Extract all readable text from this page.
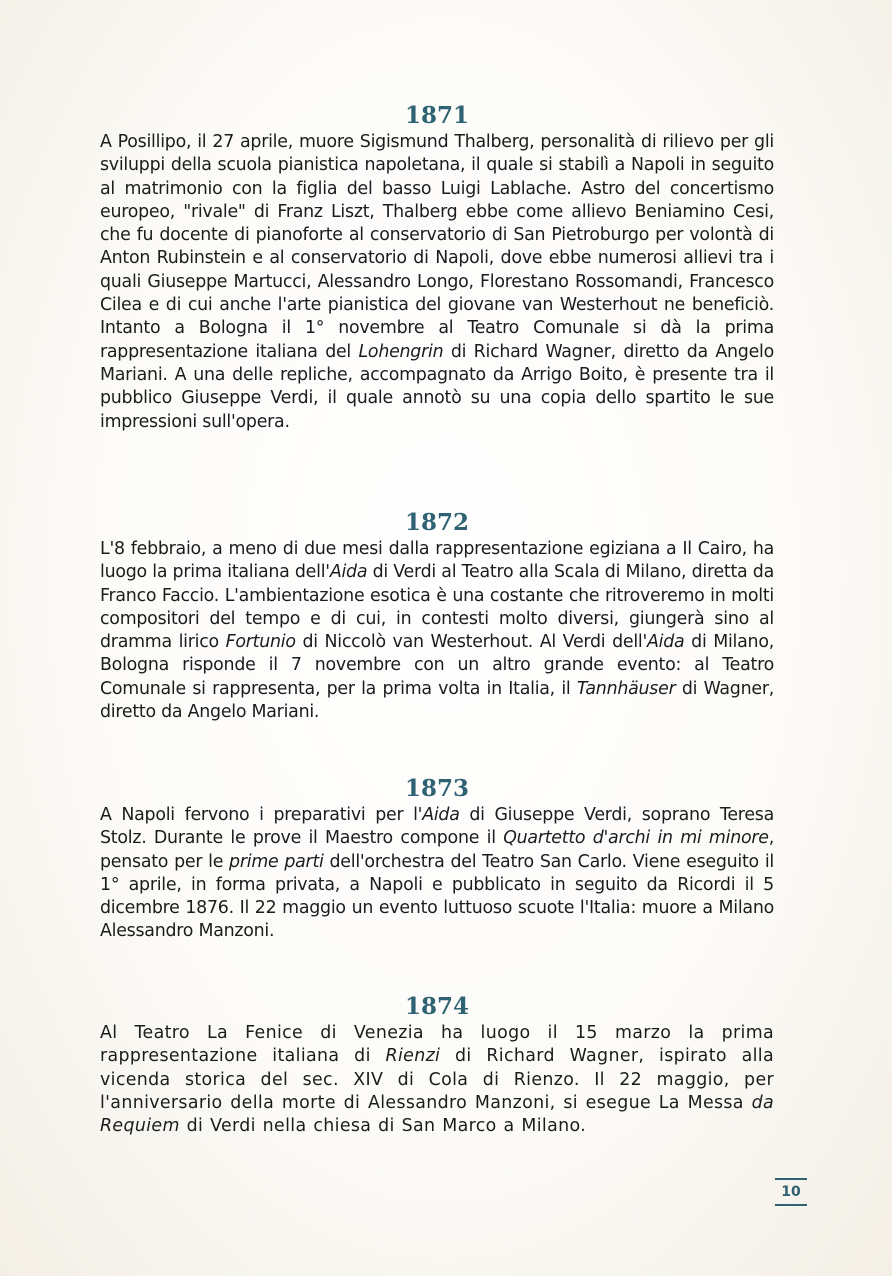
1871

A Posillipo, il 27 aprile, muore Sigismund Thalberg, personalità di rilievo per gli sviluppi della scuola pianistica napoletana, il quale si stabilì a Napoli in seguito al matrimonio con la figlia del basso Luigi Lablache. Astro del concertismo europeo, "rivale" di Franz Liszt, Thalberg ebbe come allievo Beniamino Cesi, che fu docente di pianoforte al conservatorio di San Pietroburgo per volontà di Anton Rubinstein e al conservatorio di Napoli, dove ebbe numerosi allievi tra i quali Giuseppe Martucci, Alessandro Longo, Florestano Rossomandi, Francesco Cilea e di cui anche l'arte pianistica del giovane van Westerhout ne beneficiò. Intanto a Bologna il 1° novembre al Teatro Comunale si dà la prima rappresentazione italiana del Lohengrin di Richard Wagner, diretto da Angelo Mariani. A una delle repliche, accompagnato da Arrigo Boito, è presente tra il pubblico Giuseppe Verdi, il quale annotò su una copia dello spartito le sue impressioni sull'opera.

1872

L'8 febbraio, a meno di due mesi dalla rappresentazione egiziana a Il Cairo, ha luogo la prima italiana dell'Aida di Verdi al Teatro alla Scala di Milano, diretta da Franco Faccio. L'ambientazione esotica è una costante che ritroveremo in molti compositori del tempo e di cui, in contesti molto diversi, giungerà sino al dramma lirico Fortunio di Niccolò van Westerhout. Al Verdi dell'Aida di Milano, Bologna risponde il 7 novembre con un altro grande evento: al Teatro Comunale si rappresenta, per la prima volta in Italia, il Tannhäuser di Wagner, diretto da Angelo Mariani.

1873

A Napoli fervono i preparativi per l'Aida di Giuseppe Verdi, soprano Teresa Stolz. Durante le prove il Maestro compone il Quartetto d'archi in mi minore, pensato per le prime parti dell'orchestra del Teatro San Carlo. Viene eseguito il 1° aprile, in forma privata, a Napoli e pubblicato in seguito da Ricordi il 5 dicembre 1876. Il 22 maggio un evento luttuoso scuote l'Italia: muore a Milano Alessandro Manzoni.

1874

Al Teatro La Fenice di Venezia ha luogo il 15 marzo la prima rappresentazione italiana di Rienzi di Richard Wagner, ispirato alla vicenda storica del sec. XIV di Cola di Rienzo. Il 22 maggio, per l'anniversario della morte di Alessandro Manzoni, si esegue La Messa da Requiem di Verdi nella chiesa di San Marco a Milano.

10
